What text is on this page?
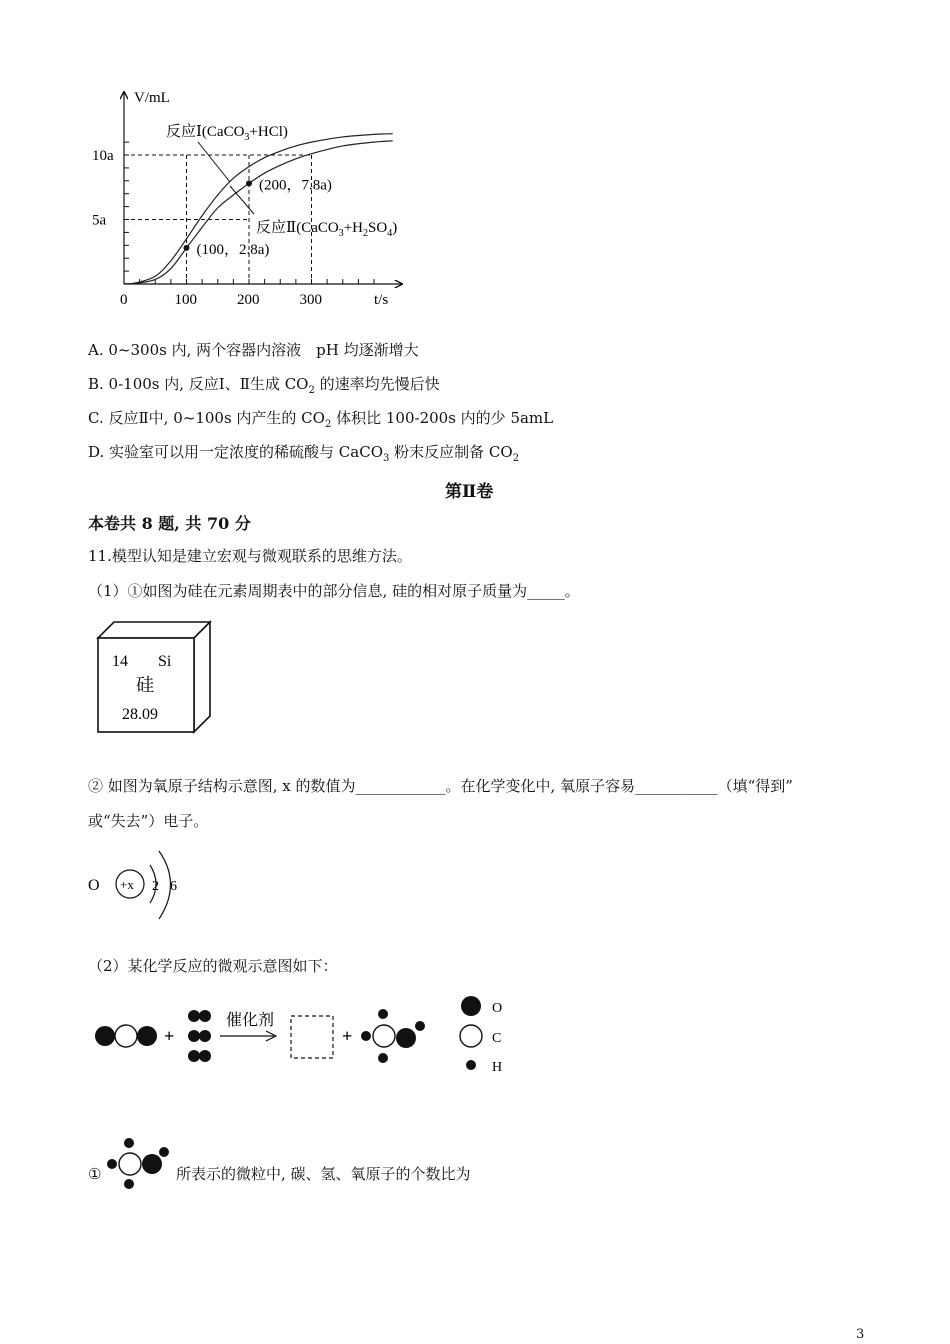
V/mL
t/s
0	100	200	300
10a
5a
(100，2.8a)
(200，7.8a)
反应Ⅰ(CaCO$_3$+HCl)
反应$Ⅱ(CaCO_3+H_2SO_4)$
A. 0~300s 内, 两个容器内溶液　pH 均逐渐增大
B. 0-100s 内, 反应Ⅰ、Ⅱ生成 $CO_2$ 的速率均先慢后快
C. 反应Ⅱ中, 0~100s 内产生的 $CO_2$ 体积比 100-200s 内的少 5amL
D. 实验室可以用一定浓度的稀硫酸与 CaCO$_3$ 粉末反应制备 $CO_2$
第Ⅱ卷
本卷共 8 题, 共 70 分
11.模型认知是建立宏观与微观联系的思维方法。
（1）①如图为硅在元素周期表中的部分信息, 硅的相对原子质量为_____。
14 Si
硅
28.09
② 如图为氧原子结构示意图, x 的数值为____________。在化学变化中, 氧原子容易___________（填“得到”
或“失去”）电子。
O +x 2 6
（2）某化学反应的微观示意图如下：
+
催化剂
+
O
C
H
①	所表示的微粒中, 碳、氢、氧原子的个数比为
3
